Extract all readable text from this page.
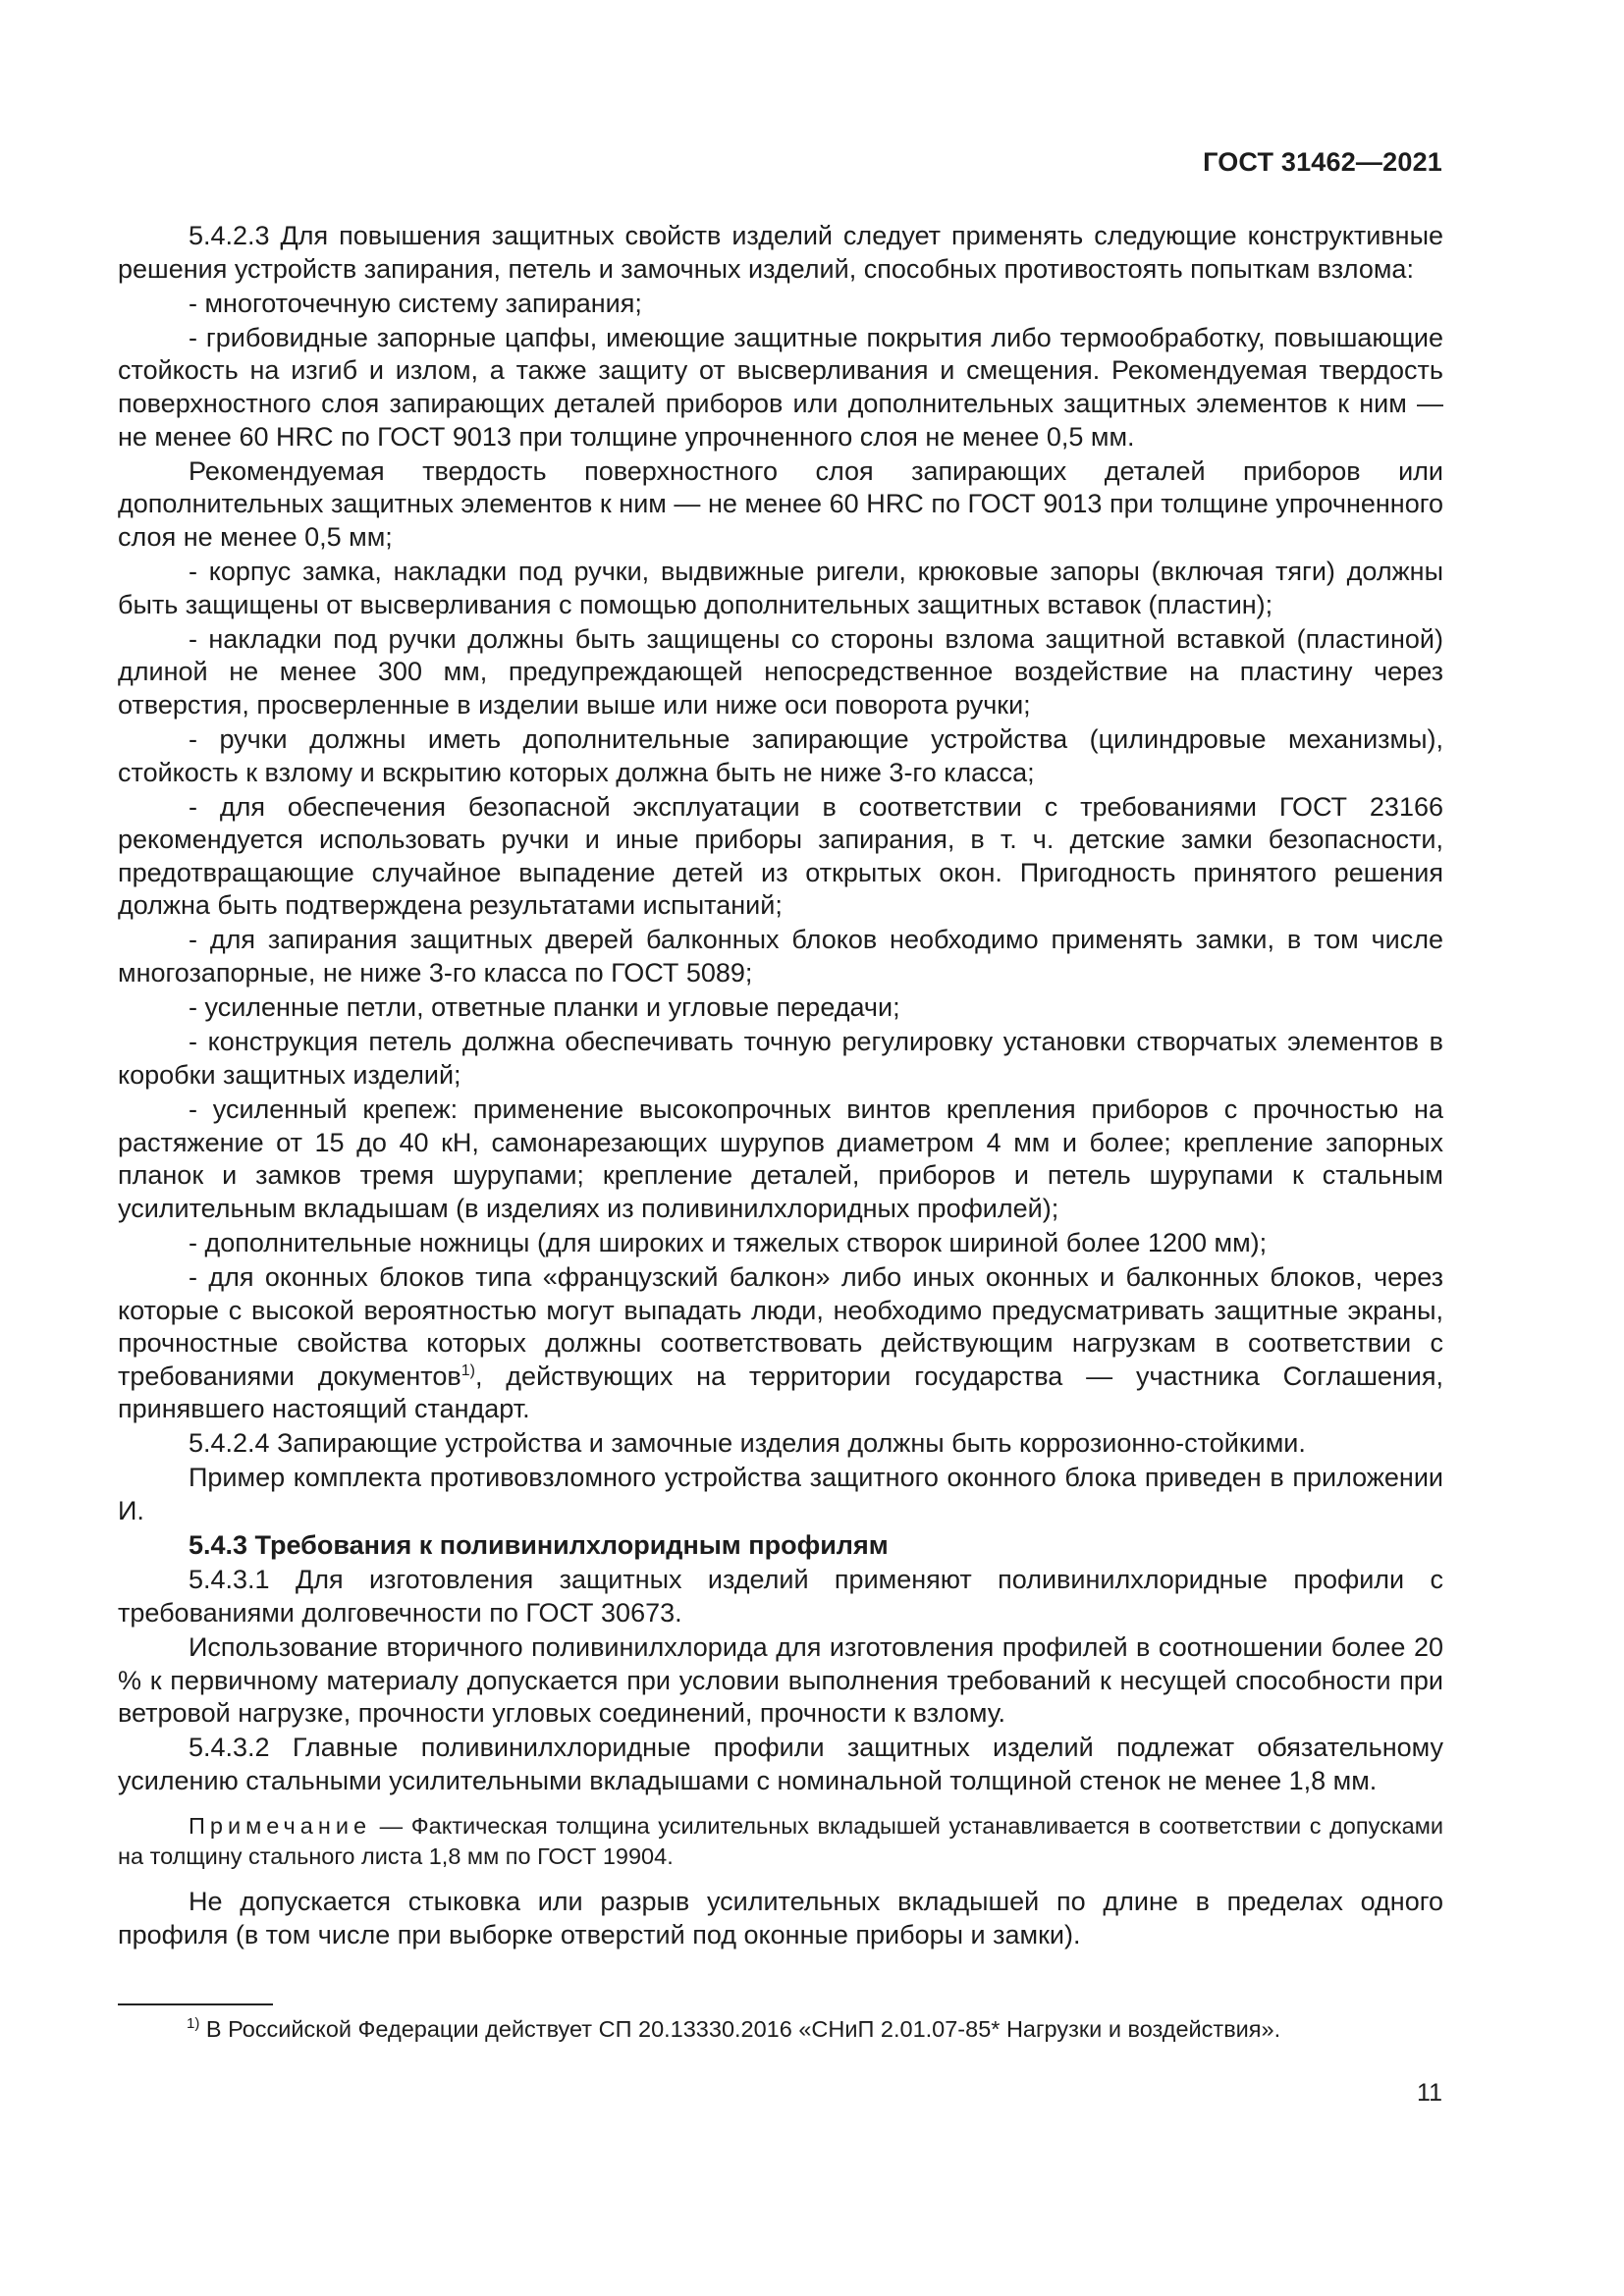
ГОСТ 31462—2021

5.4.2.3 Для повышения защитных свойств изделий следует применять следующие конструктивные решения устройств запирания, петель и замочных изделий, способных противостоять попыткам взлома:

- многоточечную систему запирания;

- грибовидные запорные цапфы, имеющие защитные покрытия либо термообработку, повышающие стойкость на изгиб и излом, а также защиту от высверливания и смещения. Рекомендуемая твердость поверхностного слоя запирающих деталей приборов или дополнительных защитных элементов к ним — не менее 60 HRC по ГОСТ 9013 при толщине упрочненного слоя не менее 0,5 мм.

Рекомендуемая твердость поверхностного слоя запирающих деталей приборов или дополнительных защитных элементов к ним — не менее 60 HRC по ГОСТ 9013 при толщине упрочненного слоя не менее 0,5 мм;

- корпус замка, накладки под ручки, выдвижные ригели, крюковые запоры (включая тяги) должны быть защищены от высверливания с помощью дополнительных защитных вставок (пластин);

- накладки под ручки должны быть защищены со стороны взлома защитной вставкой (пластиной) длиной не менее 300 мм, предупреждающей непосредственное воздействие на пластину через отверстия, просверленные в изделии выше или ниже оси поворота ручки;

- ручки должны иметь дополнительные запирающие устройства (цилиндровые механизмы), стойкость к взлому и вскрытию которых должна быть не ниже 3-го класса;

- для обеспечения безопасной эксплуатации в соответствии с требованиями ГОСТ 23166 рекомендуется использовать ручки и иные приборы запирания, в т. ч. детские замки безопасности, предотвращающие случайное выпадение детей из открытых окон. Пригодность принятого решения должна быть подтверждена результатами испытаний;

- для запирания защитных дверей балконных блоков необходимо применять замки, в том числе многозапорные, не ниже 3-го класса по ГОСТ 5089;

- усиленные петли, ответные планки и угловые передачи;

- конструкция петель должна обеспечивать точную регулировку установки створчатых элементов в коробки защитных изделий;

- усиленный крепеж: применение высокопрочных винтов крепления приборов с прочностью на растяжение от 15 до 40 кН, самонарезающих шурупов диаметром 4 мм и более; крепление запорных планок и замков тремя шурупами; крепление деталей, приборов и петель шурупами к стальным усилительным вкладышам (в изделиях из поливинилхлоридных профилей);

- дополнительные ножницы (для широких и тяжелых створок шириной более 1200 мм);

- для оконных блоков типа «французский балкон» либо иных оконных и балконных блоков, через которые с высокой вероятностью могут выпадать люди, необходимо предусматривать защитные экраны, прочностные свойства которых должны соответствовать действующим нагрузкам в соответствии с требованиями документов$^{1)}$, действующих на территории государства — участника Соглашения, принявшего настоящий стандарт.

5.4.2.4 Запирающие устройства и замочные изделия должны быть коррозионно-стойкими.

Пример комплекта противовзломного устройства защитного оконного блока приведен в приложении И.

5.4.3 Требования к поливинилхлоридным профилям

5.4.3.1 Для изготовления защитных изделий применяют поливинилхлоридные профили с требованиями долговечности по ГОСТ 30673.

Использование вторичного поливинилхлорида для изготовления профилей в соотношении более 20 % к первичному материалу допускается при условии выполнения требований к несущей способности при ветровой нагрузке, прочности угловых соединений, прочности к взлому.

5.4.3.2 Главные поливинилхлоридные профили защитных изделий подлежат обязательному усилению стальными усилительными вкладышами с номинальной толщиной стенок не менее 1,8 мм.

Примечание — Фактическая толщина усилительных вкладышей устанавливается в соответствии с допусками на толщину стального листа 1,8 мм по ГОСТ 19904.

Не допускается стыковка или разрыв усилительных вкладышей по длине в пределах одного профиля (в том числе при выборке отверстий под оконные приборы и замки).

$^{1)}$ В Российской Федерации действует СП 20.13330.2016 «СНиП 2.01.07-85* Нагрузки и воздействия».
11
